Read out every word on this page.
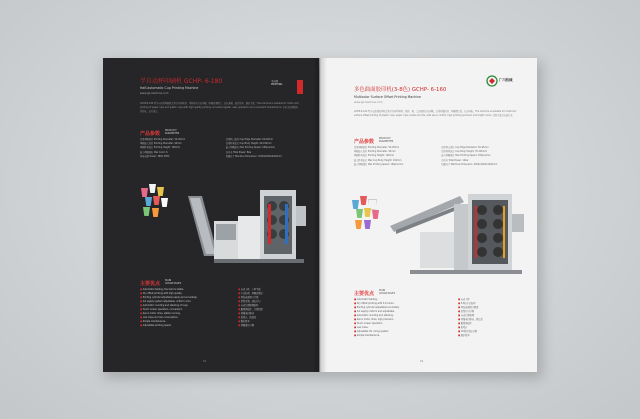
半自动杯印刷机 GCHP- 6-180
Half-automatic Cup Printing Machine
www.gz-machine.com
半自动
PRINTING
GCHP-6-180 型半自动杯印刷机适用于各种纸杯、塑料杯的多色印刷，印刷效果精美，套色准确，操作简单，维护方便。The machine is suitable for multi-color printing of paper cups and plastic cups with high quality printing, accurate register, easy operation and convenient maintenance. 本机采用伺服控制系统，运行稳定。
产品参数
PRODUCT
PARAMETER
适用印刷直径 Printing Diameter: 50-90mm	适用杯口直径 Cup Edge Diameter: 60-90mm
印刷最大直径 Printing Diameter: 90mm	适用杯身高度 Cup Body Height: 40-180mm
印刷杯身高度 Printing Height: 180mm	最大印刷速度 Max Printing Speed: 180pcs/min
最大印刷颜色 Max Color: 6	总功率 Total Power: 8kw
供电电源 Power: 380V 50Hz	机器尺寸 Machine Dimension: 3200x1800x2200mm
主要优点
MAIN
ADVANTAGES
■ Automatic feeding, the feed is stable.
■ Dry offset printing with high quality.
■ Printing cylinder adjustable easily and accurately.
■ Ink supply system adjustable, uniform color.
■ Automatic counting and stacking of cups.
■ Touch screen operation, convenient.
■ Servo motor drive, stable running.
■ Low noise and low consumption.
■ Simple maintenance.
■ Adjustable printing speed.
■ 自动上杯，上杯平稳
■ 干式胶印，印刷效果好
■ 印版滚筒调节方便
■ 墨量可调，颜色均匀
■ 自动计数堆叠收杯
■ 触摸屏操作，方便快捷
■ 伺服电机驱动
■ 低噪音，低能耗
■ 维护简单
■ 印刷速度可调
01
多色曲面胶印机(3-8色) GCHP- 6-160
Multicolor Surface Offset Printing Machine
www.gz-machine.com
广川机械
GCHP-6-160 型多色曲面胶印机适用于各种塑料杯、纸杯、碗、盖的曲面多色印刷，采用伺服控制，印刷精度高，色彩鲜艳。The machine is suitable for multicolor surface offset printing of plastic cups, paper cups, bowls and lids, with servo control, high printing precision and bright colors. 适用于食品包装行业。
产品参数
PRODUCT
PARAMETER
适用印刷直径 Printing Diameter: 50-95mm	适用杯口直径 Cup Edge Diameter: 50-95mm
印刷最大直径 Printing Diameter: 95mm	适用杯身高度 Cup Body Height: 35-160mm
印刷杯身高度 Printing Height: 160mm	最大印刷速度 Max Printing Speed: 160pcs/min
最大杯身长度 Max Cup Body Height: 160mm	总功率 Total Power: 10kw
最大印刷速度 Max Printing Speed: 160pcs/min	机器尺寸 Machine Dimension: 4500x2000x2200mm
主要优点
MAIN
ADVANTAGES
■ Automatic feeding.
■ Dry offset printing with 3-8 colors.
■ Printing cylinder adjustable accurately.
■ Ink supply uniform and adjustable.
■ Automatic counting and stacking.
■ Servo motor drive, high precision.
■ Touch screen operation.
■ Low noise.
■ Adjustable UV curing system.
■ Simple maintenance.
■ 自动上杯
■ 3-8色干式胶印
■ 印版滚筒调节精准
■ 墨量均匀可调
■ 自动计数堆叠
■ 伺服电机驱动，精度高
■ 触摸屏操作
■ 低噪音
■ UV固化系统可调
■ 维护简单
02
